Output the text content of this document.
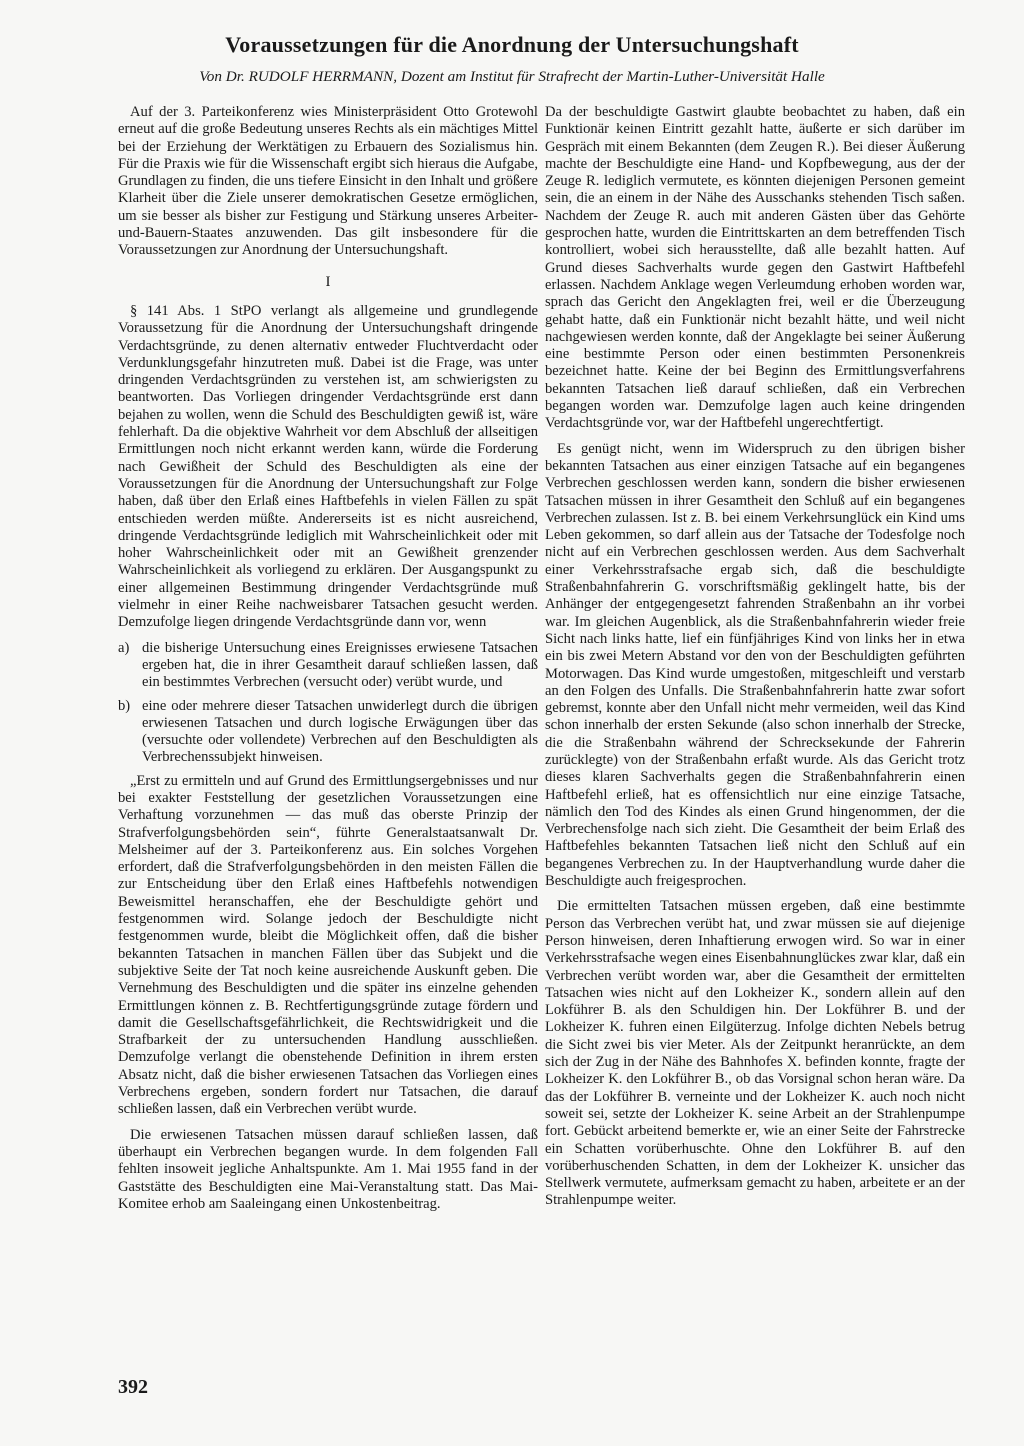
Voraussetzungen für die Anordnung der Untersuchungshaft
Von Dr. RUDOLF HERRMANN, Dozent am Institut für Strafrecht der Martin-Luther-Universität Halle

Auf der 3. Parteikonferenz wies Ministerpräsident Otto Grotewohl erneut auf die große Bedeutung unseres Rechts als ein mächtiges Mittel bei der Erziehung der Werktätigen zu Erbauern des Sozialismus hin. Für die Praxis wie für die Wissenschaft ergibt sich hieraus die Aufgabe, Grundlagen zu finden, die uns tiefere Einsicht in den Inhalt und größere Klarheit über die Ziele unserer demokratischen Gesetze ermöglichen, um sie besser als bisher zur Festigung und Stärkung unseres Arbeiter-und-Bauern-Staates anzuwenden. Das gilt insbesondere für die Voraussetzungen zur Anordnung der Untersuchungshaft.

I

§ 141 Abs. 1 StPO verlangt als allgemeine und grundlegende Voraussetzung für die Anordnung der Untersuchungshaft dringende Verdachtsgründe, zu denen alternativ entweder Fluchtverdacht oder Verdunklungsgefahr hinzutreten muß. Dabei ist die Frage, was unter dringenden Verdachtsgründen zu verstehen ist, am schwierigsten zu beantworten. Das Vorliegen dringender Verdachtsgründe erst dann bejahen zu wollen, wenn die Schuld des Beschuldigten gewiß ist, wäre fehlerhaft. Da die objektive Wahrheit vor dem Abschluß der allseitigen Ermittlungen noch nicht erkannt werden kann, würde die Forderung nach Gewißheit der Schuld des Beschuldigten als eine der Voraussetzungen für die Anordnung der Untersuchungshaft zur Folge haben, daß über den Erlaß eines Haftbefehls in vielen Fällen zu spät entschieden werden müßte. Andererseits ist es nicht ausreichend, dringende Verdachtsgründe lediglich mit Wahrscheinlichkeit oder mit hoher Wahrscheinlichkeit oder mit an Gewißheit grenzender Wahrscheinlichkeit als vorliegend zu erklären. Der Ausgangspunkt zu einer allgemeinen Bestimmung dringender Verdachtsgründe muß vielmehr in einer Reihe nachweisbarer Tatsachen gesucht werden. Demzufolge liegen dringende Verdachtsgründe dann vor, wenn

a) die bisherige Untersuchung eines Ereignisses erwiesene Tatsachen ergeben hat, die in ihrer Gesamtheit darauf schließen lassen, daß ein bestimmtes Verbrechen (versucht oder) verübt wurde, und
b) eine oder mehrere dieser Tatsachen unwiderlegt durch die übrigen erwiesenen Tatsachen und durch logische Erwägungen über das (versuchte oder vollendete) Verbrechen auf den Beschuldigten als Verbrechenssubjekt hinweisen.

„Erst zu ermitteln und auf Grund des Ermittlungsergebnisses und nur bei exakter Feststellung der gesetzlichen Voraussetzungen eine Verhaftung vorzunehmen — das muß das oberste Prinzip der Strafverfolgungsbehörden sein“, führte Generalstaatsanwalt Dr. Melsheimer auf der 3. Parteikonferenz aus. Ein solches Vorgehen erfordert, daß die Strafverfolgungsbehörden in den meisten Fällen die zur Entscheidung über den Erlaß eines Haftbefehls notwendigen Beweismittel heranschaffen, ehe der Beschuldigte gehört und festgenommen wird. Solange jedoch der Beschuldigte nicht festgenommen wurde, bleibt die Möglichkeit offen, daß die bisher bekannten Tatsachen in manchen Fällen über das Subjekt und die subjektive Seite der Tat noch keine ausreichende Auskunft geben. Die Vernehmung des Beschuldigten und die später ins einzelne gehenden Ermittlungen können z. B. Rechtfertigungsgründe zutage fördern und damit die Gesellschaftsgefährlichkeit, die Rechtswidrigkeit und die Strafbarkeit der zu untersuchenden Handlung ausschließen. Demzufolge verlangt die obenstehende Definition in ihrem ersten Absatz nicht, daß die bisher erwiesenen Tatsachen das Vorliegen eines Verbrechens ergeben, sondern fordert nur Tatsachen, die darauf schließen lassen, daß ein Verbrechen verübt wurde.

Die erwiesenen Tatsachen müssen darauf schließen lassen, daß überhaupt ein Verbrechen begangen wurde. In dem folgenden Fall fehlten insoweit jegliche Anhaltspunkte. Am 1. Mai 1955 fand in der Gaststätte des Beschuldigten eine Mai-Veranstaltung statt. Das Mai-Komitee erhob am Saaleingang einen Unkostenbeitrag.

Da der beschuldigte Gastwirt glaubte beobachtet zu haben, daß ein Funktionär keinen Eintritt gezahlt hatte, äußerte er sich darüber im Gespräch mit einem Bekannten (dem Zeugen R.). Bei dieser Äußerung machte der Beschuldigte eine Hand- und Kopfbewegung, aus der der Zeuge R. lediglich vermutete, es könnten diejenigen Personen gemeint sein, die an einem in der Nähe des Ausschanks stehenden Tisch saßen. Nachdem der Zeuge R. auch mit anderen Gästen über das Gehörte gesprochen hatte, wurden die Eintrittskarten an dem betreffenden Tisch kontrolliert, wobei sich herausstellte, daß alle bezahlt hatten. Auf Grund dieses Sachverhalts wurde gegen den Gastwirt Haftbefehl erlassen. Nachdem Anklage wegen Verleumdung erhoben worden war, sprach das Gericht den Angeklagten frei, weil er die Überzeugung gehabt hatte, daß ein Funktionär nicht bezahlt hätte, und weil nicht nachgewiesen werden konnte, daß der Angeklagte bei seiner Äußerung eine bestimmte Person oder einen bestimmten Personenkreis bezeichnet hatte. Keine der bei Beginn des Ermittlungsverfahrens bekannten Tatsachen ließ darauf schließen, daß ein Verbrechen begangen worden war. Demzufolge lagen auch keine dringenden Verdachtsgründe vor, war der Haftbefehl ungerechtfertigt.

Es genügt nicht, wenn im Widerspruch zu den übrigen bisher bekannten Tatsachen aus einer einzigen Tatsache auf ein begangenes Verbrechen geschlossen werden kann, sondern die bisher erwiesenen Tatsachen müssen in ihrer Gesamtheit den Schluß auf ein begangenes Verbrechen zulassen. Ist z. B. bei einem Verkehrsunglück ein Kind ums Leben gekommen, so darf allein aus der Tatsache der Todesfolge noch nicht auf ein Verbrechen geschlossen werden. Aus dem Sachverhalt einer Verkehrsstrafsache ergab sich, daß die beschuldigte Straßenbahnfahrerin G. vorschriftsmäßig geklingelt hatte, bis der Anhänger der entgegengesetzt fahrenden Straßenbahn an ihr vorbei war. Im gleichen Augenblick, als die Straßenbahnfahrerin wieder freie Sicht nach links hatte, lief ein fünfjähriges Kind von links her in etwa ein bis zwei Metern Abstand vor den von der Beschuldigten geführten Motorwagen. Das Kind wurde umgestoßen, mitgeschleift und verstarb an den Folgen des Unfalls. Die Straßenbahnfahrerin hatte zwar sofort gebremst, konnte aber den Unfall nicht mehr vermeiden, weil das Kind schon innerhalb der ersten Sekunde (also schon innerhalb der Strecke, die die Straßenbahn während der Schrecksekunde der Fahrerin zurücklegte) von der Straßenbahn erfaßt wurde. Als das Gericht trotz dieses klaren Sachverhalts gegen die Straßenbahnfahrerin einen Haftbefehl erließ, hat es offensichtlich nur eine einzige Tatsache, nämlich den Tod des Kindes als einen Grund hingenommen, der die Verbrechensfolge nach sich zieht. Die Gesamtheit der beim Erlaß des Haftbefehles bekannten Tatsachen ließ nicht den Schluß auf ein begangenes Verbrechen zu. In der Hauptverhandlung wurde daher die Beschuldigte auch freigesprochen.

Die ermittelten Tatsachen müssen ergeben, daß eine bestimmte Person das Verbrechen verübt hat, und zwar müssen sie auf diejenige Person hinweisen, deren Inhaftierung erwogen wird. So war in einer Verkehrsstrafsache wegen eines Eisenbahnunglückes zwar klar, daß ein Verbrechen verübt worden war, aber die Gesamtheit der ermittelten Tatsachen wies nicht auf den Lokheizer K., sondern allein auf den Lokführer B. als den Schuldigen hin. Der Lokführer B. und der Lokheizer K. fuhren einen Eilgüterzug. Infolge dichten Nebels betrug die Sicht zwei bis vier Meter. Als der Zeitpunkt heranrückte, an dem sich der Zug in der Nähe des Bahnhofes X. befinden konnte, fragte der Lokheizer K. den Lokführer B., ob das Vorsignal schon heran wäre. Da das der Lokführer B. verneinte und der Lokheizer K. auch noch nicht soweit sei, setzte der Lokheizer K. seine Arbeit an der Strahlenpumpe fort. Gebückt arbeitend bemerkte er, wie an einer Seite der Fahrstrecke ein Schatten vorüberhuschte. Ohne den Lokführer B. auf den vorüberhuschenden Schatten, in dem der Lokheizer K. unsicher das Stellwerk vermutete, aufmerksam gemacht zu haben, arbeitete er an der Strahlenpumpe weiter.

392
